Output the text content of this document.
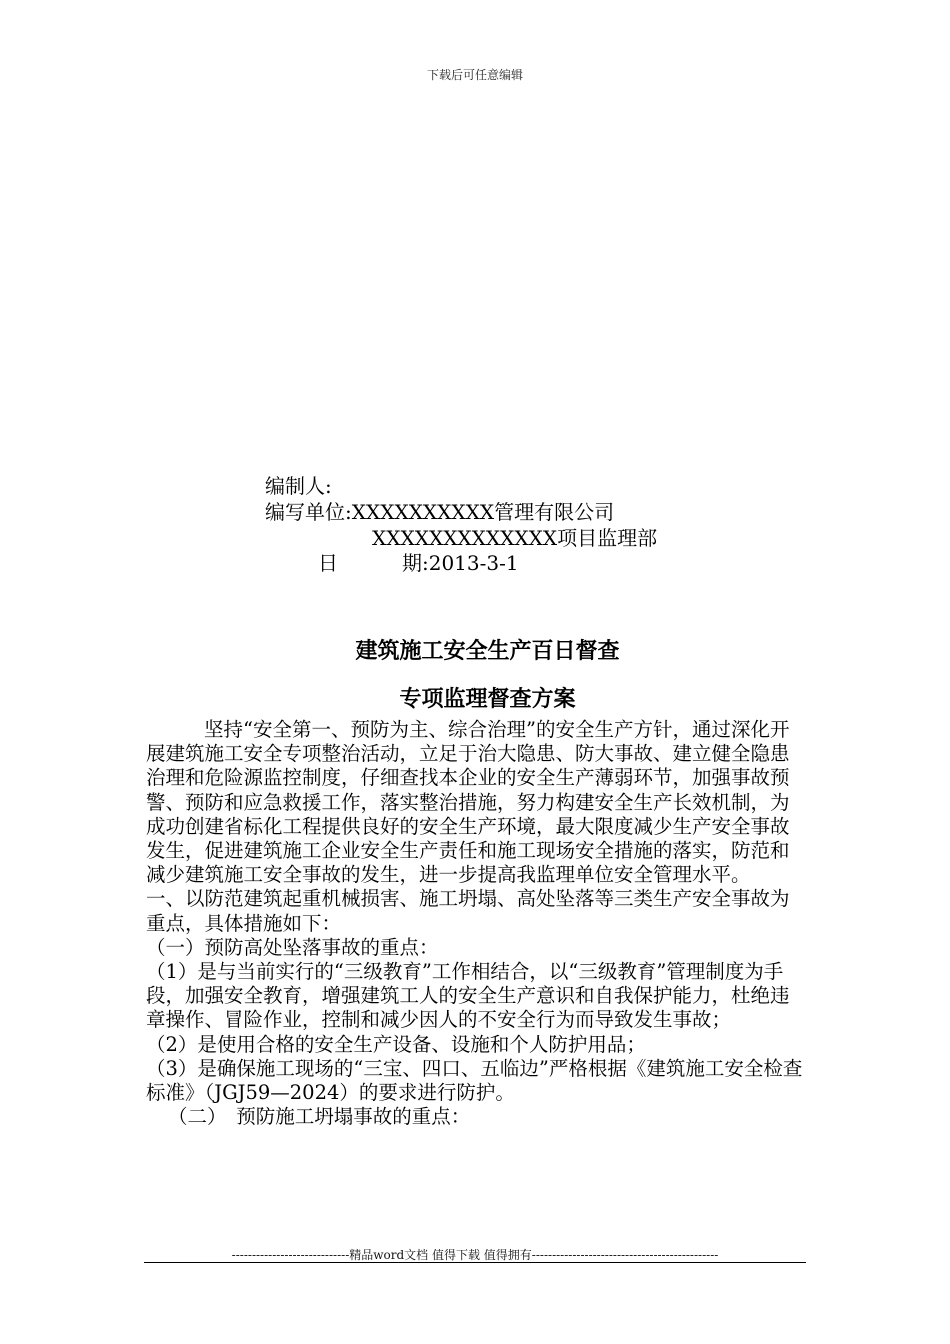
下载后可任意编辑
编制人:
编写单位:XXXXXXXXXX管理有限公司
XXXXXXXXXXXXX项目监理部
日	期:2013-3-1
建筑施工安全生产百日督查
专项监理督查方案

坚持“安全第一、预防为主、综合治理”的安全生产方针，通过深化开展建筑施工安全专项整治活动，立足于治大隐患、防大事故、建立健全隐患治理和危险源监控制度，仔细查找本企业的安全生产薄弱环节，加强事故预警、预防和应急救援工作，落实整治措施，努力构建安全生产长效机制，为成功创建省标化工程提供良好的安全生产环境，最大限度减少生产安全事故发生，促进建筑施工企业安全生产责任和施工现场安全措施的落实，防范和减少建筑施工安全事故的发生，进一步提高我监理单位安全管理水平。

一、以防范建筑起重机械损害、施工坍塌、高处坠落等三类生产安全事故为重点，具体措施如下：

（一）预防高处坠落事故的重点：

（1）是与当前实行的“三级教育”工作相结合，以“三级教育”管理制度为手段，加强安全教育，增强建筑工人的安全生产意识和自我保护能力，杜绝违章操作、冒险作业，控制和减少因人的不安全行为而导致发生事故；

（2）是使用合格的安全生产设备、设施和个人防护用品；

（3）是确保施工现场的“三宝、四口、五临边”严格根据《建筑施工安全检查标准》（JGJ59—2024）的要求进行防护。

（二）　预防施工坍塌事故的重点：

-----------------------------精品word文档 值得下载 值得拥有----------------------------------------------
